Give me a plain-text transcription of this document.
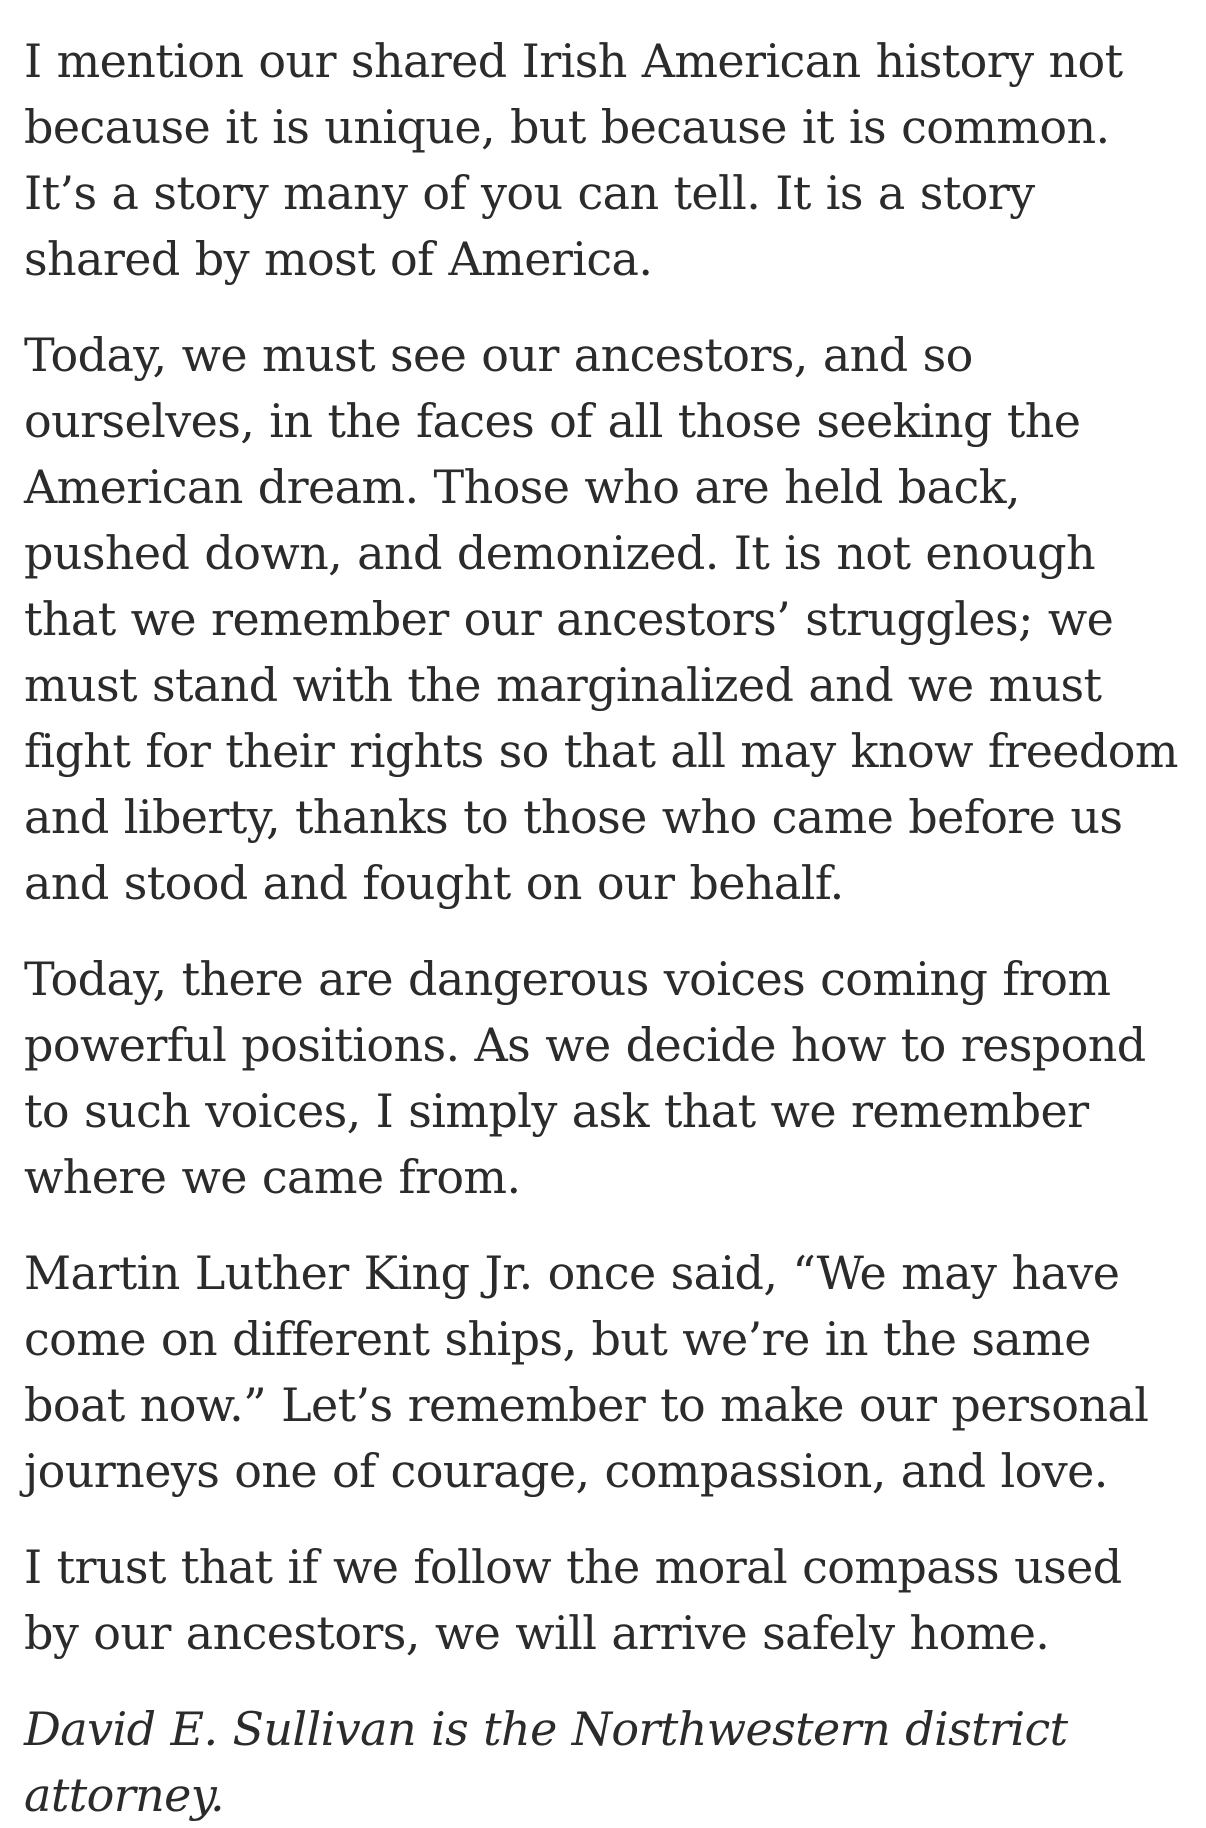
I mention our shared Irish American history not because it is unique, but because it is common. It’s a story many of you can tell. It is a story shared by most of America.

Today, we must see our ancestors, and so ourselves, in the faces of all those seeking the American dream. Those who are held back, pushed down, and demonized. It is not enough that we remember our ancestors’ struggles; we must stand with the marginalized and we must fight for their rights so that all may know freedom and liberty, thanks to those who came before us and stood and fought on our behalf.

Today, there are dangerous voices coming from powerful positions. As we decide how to respond to such voices, I simply ask that we remember where we came from.

Martin Luther King Jr. once said, “We may have come on different ships, but we’re in the same boat now.” Let’s remember to make our personal journeys one of courage, compassion, and love.

I trust that if we follow the moral compass used by our ancestors, we will arrive safely home.

David E. Sullivan is the Northwestern district attorney.
